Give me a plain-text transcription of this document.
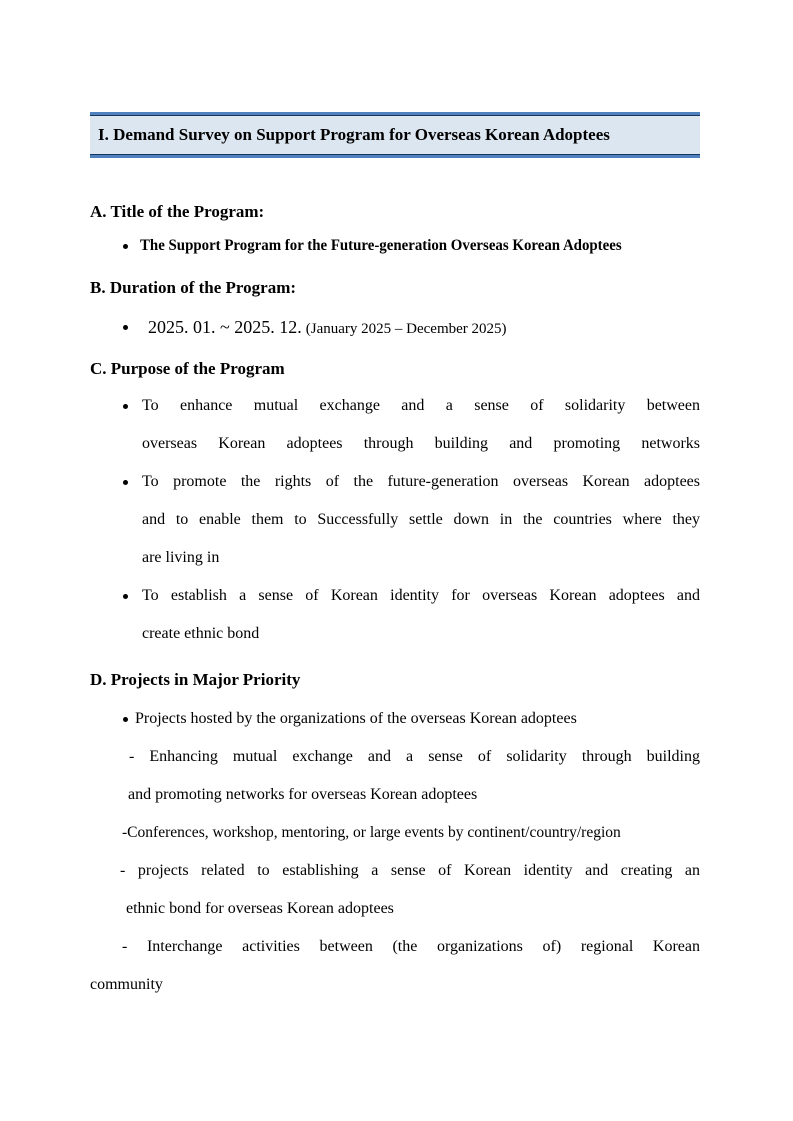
I. Demand Survey on Support Program for Overseas Korean Adoptees
A. Title of the Program:
The Support Program for the Future-generation Overseas Korean Adoptees
B. Duration of the Program:
2025. 01. ~ 2025. 12. (January 2025 – December 2025)
C. Purpose of the Program
To enhance mutual exchange and a sense of solidarity between
overseas Korean adoptees through building and promoting networks
To promote the rights of the future-generation overseas Korean adoptees
and to enable them to Successfully settle down in the countries where they
are living in
To establish a sense of Korean identity for overseas Korean adoptees and
create ethnic bond
D. Projects in Major Priority
Projects hosted by the organizations of the overseas Korean adoptees
- Enhancing mutual exchange and a sense of solidarity through building
and promoting networks for overseas Korean adoptees
-Conferences, workshop, mentoring, or large events by continent/country/region
- projects related to establishing a sense of Korean identity and creating an
ethnic bond for overseas Korean adoptees
- Interchange activities between (the organizations of) regional Korean
community
